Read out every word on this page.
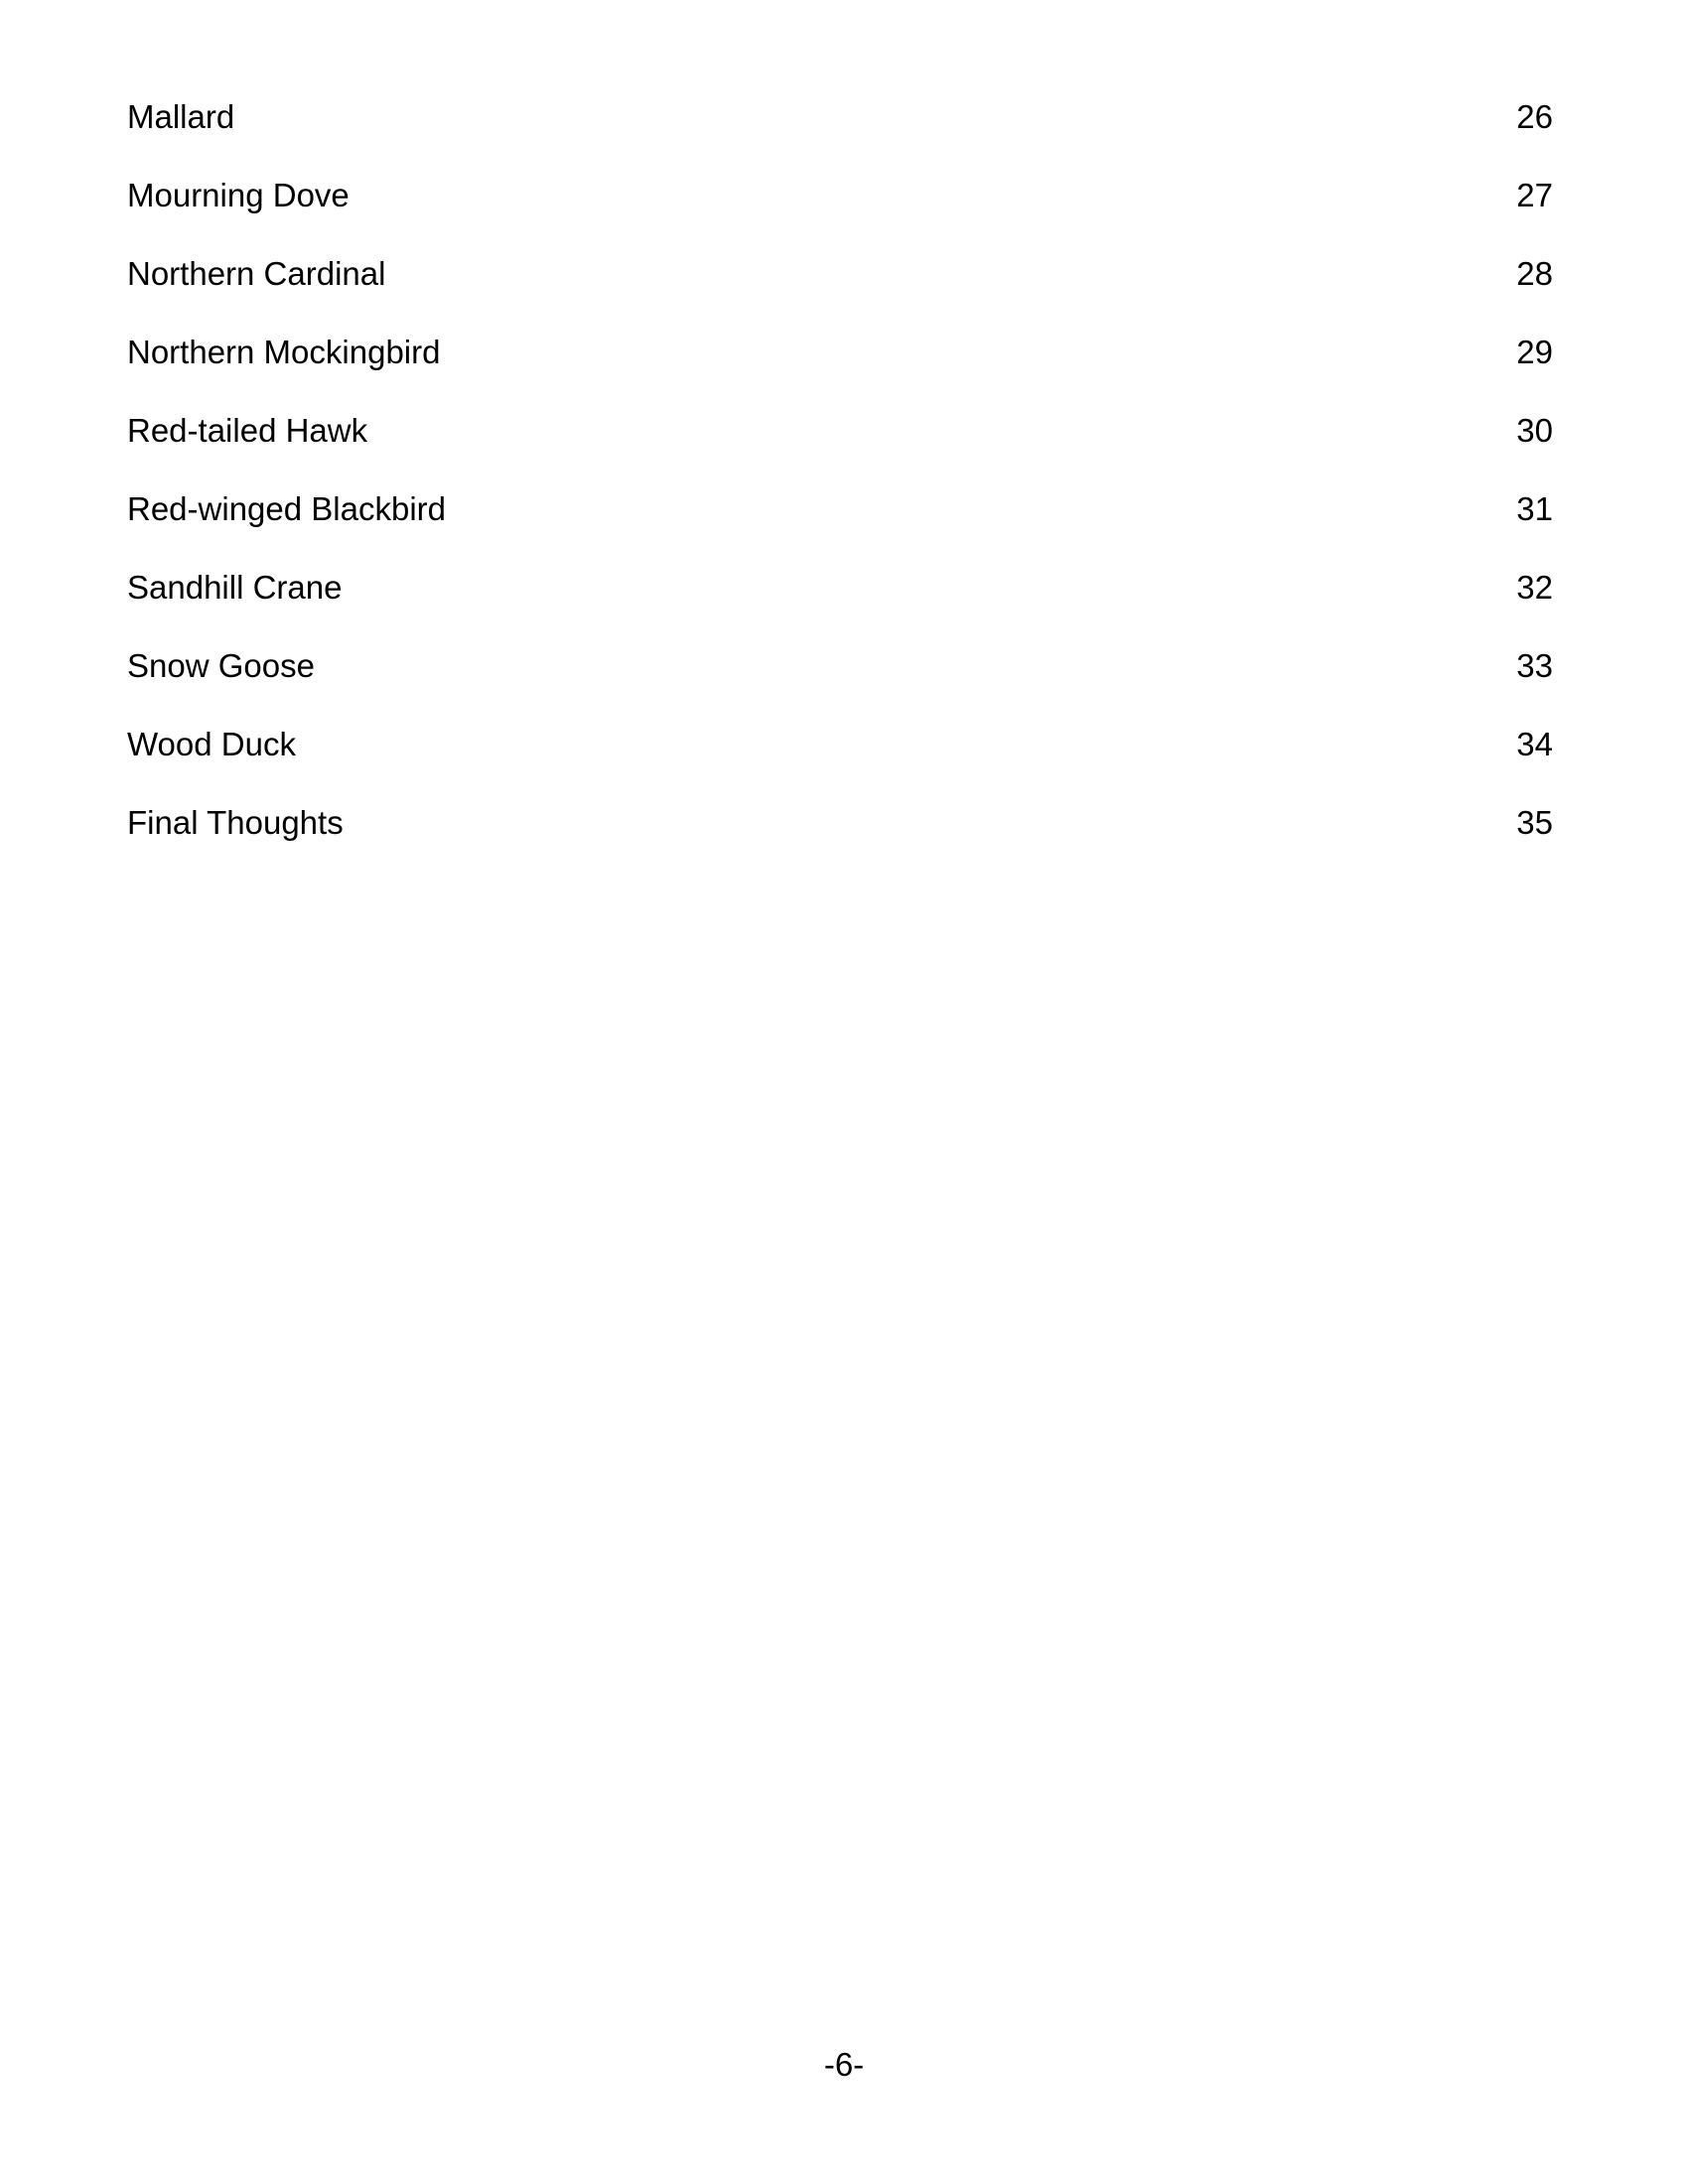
Mallard	26
Mourning Dove	27
Northern Cardinal	28
Northern Mockingbird	29
Red-tailed Hawk	30
Red-winged Blackbird	31
Sandhill Crane	32
Snow Goose	33
Wood Duck	34
Final Thoughts	35
-6-
